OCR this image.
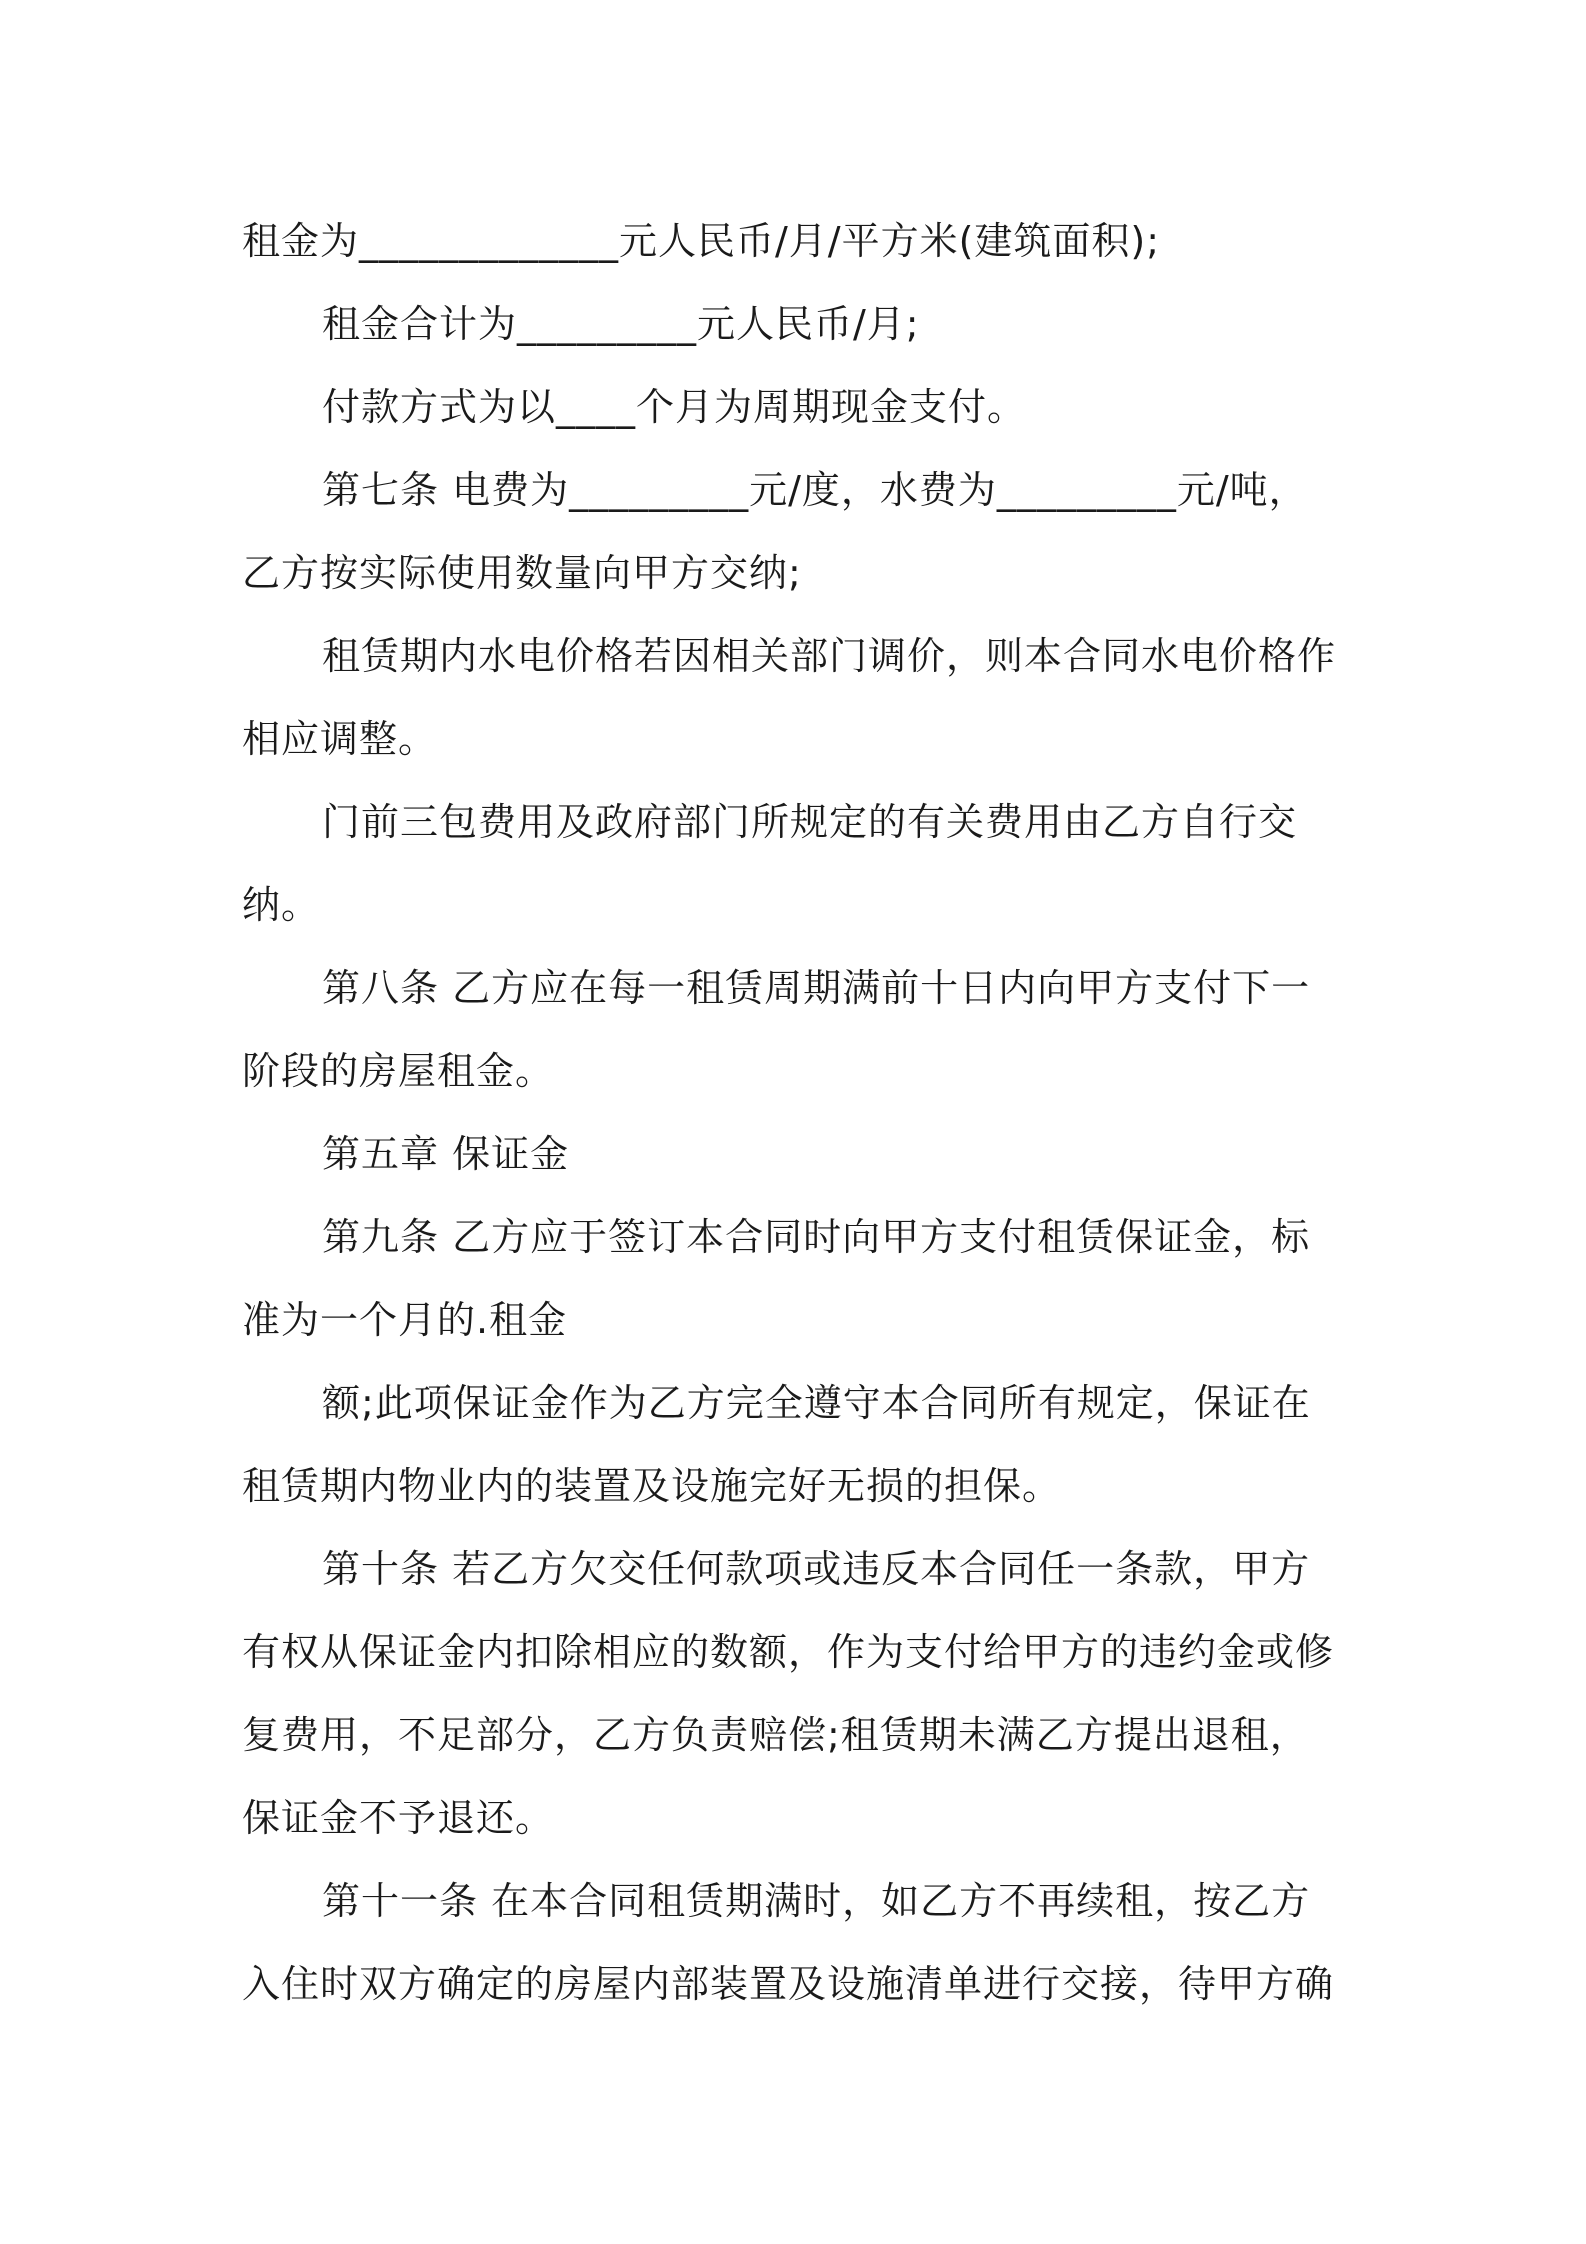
租金为_____________元人民币/月/平方米(建筑面积);

租金合计为_________元人民币/月;

付款方式为以____个月为周期现金支付。

第七条 电费为_________元/度，水费为_________元/吨，

乙方按实际使用数量向甲方交纳;

租赁期内水电价格若因相关部门调价，则本合同水电价格作

相应调整。

门前三包费用及政府部门所规定的有关费用由乙方自行交

纳。

第八条 乙方应在每一租赁周期满前十日内向甲方支付下一

阶段的房屋租金。

第五章 保证金

第九条 乙方应于签订本合同时向甲方支付租赁保证金，标

准为一个月的.租金

额;此项保证金作为乙方完全遵守本合同所有规定，保证在

租赁期内物业内的装置及设施完好无损的担保。

第十条 若乙方欠交任何款项或违反本合同任一条款，甲方

有权从保证金内扣除相应的数额，作为支付给甲方的违约金或修

复费用，不足部分，乙方负责赔偿;租赁期未满乙方提出退租，

保证金不予退还。

第十一条 在本合同租赁期满时，如乙方不再续租，按乙方

入住时双方确定的房屋内部装置及设施清单进行交接，待甲方确
